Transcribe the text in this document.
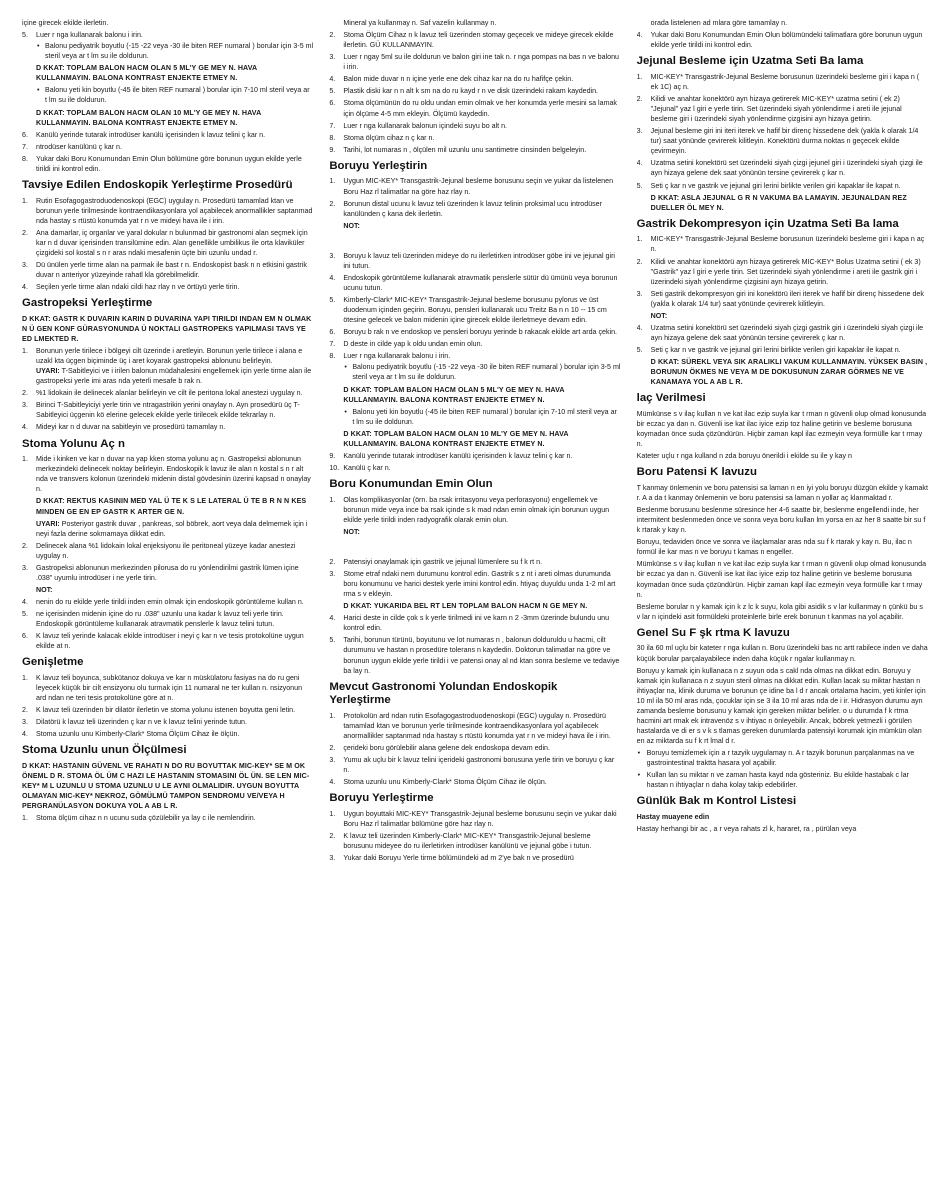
içine girecek ekilde ilerletin.

5. Luer r nga kullanarak balonu i irin.
• Balonu pediyatrik boyutlu (-15 -22 veya -30 ile biten REF numaral ) borular için 3-5 ml steril veya ar t lm su ile doldurun.
D KKAT: TOPLAM BALON HACM OLAN 5 ML'Y GE MEY N. HAVA KULLANMAYIN. BALONA KONTRAST ENJEKTE ETMEY N.
• Balonu yeti kin boyutlu (-45 ile biten REF numaral ) borular için 7-10 ml steril veya ar t lm su ile doldurun.
D KKAT: TOPLAM BALON HACM OLAN 10 ML'Y GE MEY N. HAVA KULLANMAYIN. BALONA KONTRAST ENJEKTE ETMEY N.
6. Kanülü yerinde tutarak introdüser kanülü içerisinden k lavuz telini ç kar n.
7. ntrodüser kanülünü ç kar n.
8. Yukar daki Boru Konumundan Emin Olun bölümüne göre borunun uygun ekilde yerle tirildi ini kontrol edin.
Tavsiye Edilen Endoskopik Yerleştirme Prosedürü
1. Rutin Esofagogastroduodenoskopi (EGC) uygulay n. Prosedürü tamamlad ktan ve borunun yerle tirilmesinde kontraendikasyonlara yol açabilecek anormallikler saptanmad nda hastay s rtüstü konumda yat r n ve mideyi hava ile i irin.
2. Ana damarlar, iç organlar ve yaral dokular n bulunmad bir gastronomi alan seçmek için kar n d duvar içerisinden transilümine edin. Alan genellikle umbilikus ile orta klaviküler çizgideki sol kostal s n r aras ndaki mesafenin üçte biri uzunlu undad r.
3. Dü ünülen yerle tirme alan na parmak ile bast r n. Endoskopist bask n n etkisini gastrik duvar n anteriyor yüzeyinde rahatl kla görebilmelidir.
4. Seçilen yerle tirme alan ndaki cildi haz rlay n ve örtüyü yerle tirin.
Gastropeksi Yerleştirme
D KKAT: GASTR K DUVARIN KARIN D DUVARINA YAPI TIRILDI INDAN EM N OLMAK N Ü GEN KONF GÜRASYONUNDA Ü NOKTALI GASTROPEKS YAPILMASI TAVS YE ED LMEKTED R.
1. Borunun yerle tirilece i bölgeyi cilt üzerinde i aretleyin. Borunun yerle tirilece i alana e uzakl kta üçgen biçiminde üç i aret koyarak gastropeksi ablonunu belirleyin.
UYARI: T-Sabitleyici ve i irilen balonun müdahalesini engellemek için yerle tirme alan ile gastropeksi yerle imi aras nda yeterli mesafe b rak n.
2. %1 lidokain ile delinecek alanlar belirleyin ve cilt ile peritona lokal anestezi uygulay n.
3. Birinci T-Sabitleyiciyi yerle tirin ve ntragastrikin yerini onaylay n. Ayn prosedürü üç T-Sabitleyici üçgenin kö elerine gelecek ekilde yerle tirilecek ekilde tekrarlay n.
4. Mideyi kar n d duvar na sabitleyin ve prosedürü tamamlay n.
Stoma Yolunu Aç n
1. Mide i kinken ve kar n duvar na yap kken stoma yolunu aç n. Gastropeksi ablonunun merkezindeki delinecek noktay belirleyin. Endoskopik k lavuz ile alan n kostal s n r alt nda ve transvers kolonun üzerindeki midenin distal gövdesinin üzerini kapsad n onaylay n.
D KKAT: REKTUS KASININ MED YAL Ü TE K S LE LATERAL Ü TE B R N N KES MINDEN GE EN EP GASTR K ARTER GE N.
UYARI: Posteriyor gastrik duvar , pankreas, sol böbrek, aort veya dala delmemek için i neyi fazla derine sokmamaya dikkat edin.
2. Delinecek alana %1 lidokain lokal enjeksiyonu ile peritoneal yüzeye kadar anestezi uygulay n.
3. Gastropeksi ablonunun merkezinden pilorusa do ru yönlendirilmi gastrik lümen içine .038" uyumlu introdüser i ne yerle tirin.
NOT:
4. nenin do ru ekilde yerle tirildi inden emin olmak için endoskopik görüntüleme kullan n.
5. ne içerisinden midenin içine do ru .038" uzunlu una kadar k lavuz teli yerle tirin. Endoskopik görüntüleme kullanarak atravmatik penslerle k lavuz telini tutun.
6. K lavuz teli yerinde kalacak ekilde introdüser i neyi ç kar n ve tesis protokolüne uygun ekilde at n.
Genişletme
1. K lavuz teli boyunca, subkütanoz dokuya ve kar n müskülatoru fasiyas na do ru geni leyecek küçük bir cilt ensizyonu olu turmak için 11 numaral ne ter kullan n. nsizyonun ard ndan ne teri tesis protokolüne göre at n.
2. K lavuz teli üzerinden bir dilatör ilerletin ve stoma yolunu istenen boyutta geni letin.
3. Dilatörü k lavuz teli üzerinden ç kar n ve k lavuz telini yerinde tutun.
4. Stoma uzunlu unu Kimberly-Clark* Stoma Ölçüm Cihaz ile ölçün.
Stoma Uzunlu unun Ölçülmesi
D KKAT: HASTANIN GÜVENL VE RAHATI N DO RU BOYUTTAK MIC-KEY* SE M OK ÖNEML D R. STOMA ÖL ÜM C HAZI LE HASTANIN STOMASINI ÖL ÜN. SE LEN MIC-KEY* M L UZUNLU U STOMA UZUNLU U LE AYNI OLMALIDIR. UYGUN BOYUTTA OLMAYAN MIC-KEY* NEKROZ, GÖMÜLMÜ TAMPON SENDROMU VE/VEYA H PERGRANÜLASYON DOKUYA YOL A AB L R.
1. Stoma ölçüm cihaz n n ucunu suda çözülebilir ya lay c ile nemlendirin.

Mineral ya kullanmay n. Saf vazelin kullanmay n.

2. Stoma Ölçüm Cihaz n k lavuz teli üzerinden stomay geçecek ve mideye girecek ekilde ilerletin. GÜ KULLANMAYIN.
3. Luer r ngay 5ml su ile doldurun ve balon giri ine tak n. r nga pompas na bas n ve balonu i irin.
4. Balon mide duvar n n içine yerle ene dek cihaz kar na do ru hafifçe çekin.
5. Plastik diski kar n n alt k sm na do ru kayd r n ve disk üzerindeki rakam kaydedin.
6. Stoma ölçümünün do ru oldu undan emin olmak ve her konumda yerle mesini sa lamak için ölçüme 4-5 mm ekleyin. Ölçümü kaydedin.
7. Luer r nga kullanarak balonun içindeki suyu bo alt n.
8. Stoma ölçüm cihaz n ç kar n.
9. Tarihi, lot numaras n , ölçülen mil uzunlu unu santimetre cinsinden belgeleyin.
Boruyu Yerleştirin
1. Uygun MIC-KEY* Transgastrik-Jejunal besleme borusunu seçin ve yukar da listelenen Boru Haz rl talimatlar na göre haz rlay n.
2. Borunun distal ucunu k lavuz teli üzerinden k lavuz telinin proksimal ucu introdüser kanülünden ç kana dek ilerletin.
NOT:
3. Boruyu k lavuz teli üzerinden mideye do ru ilerletirken introdüser göbe ini ve jejunal giri ini tutun.
4. Endoskopik görüntüleme kullanarak atravmatik penslerle sütür dü ümünü veya borunun ucunu tutun.
5. Kimberly-Clark* MIC-KEY* Transgastrik-Jejunal besleme borusunu pylorus ve üst duodenum içinden geçirin. Boruyu, pensleri kullanarak ucu Treitz Ba n n 10 -- 15 cm ötesine gelecek ve balon midenin içine girecek ekilde ilerletmeye devam edin.
6. Boruyu b rak n ve endoskop ve pensleri boruyu yerinde b rakacak ekilde art arda çekin.
7. D deste in cilde yap k oldu undan emin olun.
8. Luer r nga kullanarak balonu i irin.
• Balonu pediyatrik boyutlu (-15 -22 veya -30 ile biten REF numaral ) borular için 3-5 ml steril veya ar t lm su ile doldurun.
D KKAT: TOPLAM BALON HACM OLAN 5 ML'Y GE MEY N. HAVA KULLANMAYIN. BALONA KONTRAST ENJEKTE ETMEY N.
• Balonu yeti kin boyutlu (-45 ile biten REF numaral ) borular için 7-10 ml steril veya ar t lm su ile doldurun.
D KKAT: TOPLAM BALON HACM OLAN 10 ML'Y GE MEY N. HAVA KULLANMAYIN. BALONA KONTRAST ENJEKTE ETMEY N.
9. Kanülü yerinde tutarak introdüser kanülü içerisinden k lavuz telini ç kar n.
10. Kanülü ç kar n.
Boru Konumundan Emin Olun
1. Olas komplikasyonlar (örn. ba rsak irritasyonu veya perforasyonu) engellemek ve borunun mide veya ince ba rsak içinde s k mad ndan emin olmak için borunun uygun ekilde yerle tirildi inden radyografik olarak emin olun.
NOT:
2. Patensiyi onaylamak için gastrik ve jejunal lümenlere su f k rt n.
3. Stome etraf ndaki nem durumunu kontrol edin. Gastrik s z nt i areti olmas durumunda boru konumunu ve harici destek yerle imini kontrol edin. htiyaç duyuldu unda 1-2 ml art rma s v ekleyin.
D KKAT: YUKARIDA BEL RT LEN TOPLAM BALON HACM N GE MEY N.
4. Harici deste in cilde çok s k yerle tirilmedi ini ve karn n 2 -3mm üzerinde bulundu unu kontrol edin.
5. Tarihi, borunun türünü, boyutunu ve lot numaras n , balonun dolduruldu u hacmi, cilt durumunu ve hastan n prosedüre tolerans n kaydedin. Doktorun talimatlar na göre ve borunun uygun ekilde yerle tirildi i ve patensi onay al nd ktan sonra besleme ve tedaviye ba lay n.
Mevcut Gastronomi Yolundan Endoskopik Yerleştirme
1. Protokolün ard ndan rutin Esofagogastroduodenoskopi (EGC) uygulay n. Prosedürü tamamlad ktan ve borunun yerle tirilmesinde kontraendikasyonlara yol açabilecek anormallikler saptanmad nda hastay s rtüstü konumda yat r n ve mideyi hava ile i irin.
2. çerideki boru görülebilir alana gelene dek endoskopa devam edin.
3. Yumu ak uçlu bir k lavuz telini içerideki gastronomi borusuna yerle tirin ve boruyu ç kar n.
4. Stoma uzunlu unu Kimberly-Clark* Stoma Ölçüm Cihaz ile ölçün.
Boruyu Yerleştirme
1. Uygun boyuttaki MIC-KEY* Transgastrik-Jejunal besleme borusunu seçin ve yukar daki Boru Haz rl talimatlar bölümüne göre haz rlay n.
2. K lavuz teli üzerinden Kimberly-Clark* MIC-KEY* Transgastrik-Jejunal besleme borusunu mideyee do ru ilerletirken introdüser kanülünü ve jejunal göbe i tutun.
3. Yukar daki Boruyu Yerle tirme bölümündeki ad m 2'ye bak n ve prosedürü

orada listelenen ad mlara göre tamamlay n.

4. Yukar daki Boru Konumundan Emin Olun bölümündeki talimatlara göre borunun uygun ekilde yerle tirildi ini kontrol edin.
Jejunal Besleme için Uzatma Seti Ba lama
1. MIC-KEY* Transgastrik-Jejunal Besleme borusunun üzerindeki besleme giri i kapa n ( ek 1C) aç n.
2. Kilidi ve anahtar konektörü ayn hizaya getirerek MIC-KEY* uzatma setini ( ek 2) "Jejunal" yaz l giri e yerle tirin. Set üzerindeki siyah yönlendirme i areti ile jejunal besleme giri i üzerindeki siyah yönlendirme çizgisini ayn hizaya getirin.
3. Jejunal besleme giri ini iteri iterek ve hafif bir direnç hissedene dek (yakla k olarak 1/4 tur) saat yönünde çevirerek kilitleyin. Konektörü durma noktas n geçecek ekilde çevirmeyin.
4. Uzatma setini konektörü set üzerindeki siyah çizgi jejunel giri i üzerindeki siyah çizgi ile ayn hizaya gelene dek saat yönünün tersine çevirerek ç kar n.
5. Seti ç kar n ve gastrik ve jejunal giri lerini birlikte verilen giri kapaklar ile kapat n.
D KKAT: ASLA JEJUNAL G R N VAKUMA BA LAMAYIN. JEJUNALDAN REZ DUELLER ÖL MEY N.
Gastrik Dekompresyon için Uzatma Seti Ba lama
1. MIC-KEY* Transgastrik-Jejunal Besleme borusunun üzerindeki besleme giri i kapa n aç n.
2. Kilidi ve anahtar konektörü ayn hizaya getirerek MIC-KEY* Bolus Uzatma setini ( ek 3) "Gastrik" yaz l giri e yerle tirin. Set üzerindeki siyah yönlendirme i areti ile gastrik giri i üzerindeki siyah yönlendirme çizgisini ayn hizaya getirin.
3. Seti gastrik dekompresyon giri ini konektörü ileri iterek ve hafif bir direnç hissedene dek (yakla k olarak 1/4 tur) saat yönünde çevirerek kilitleyin.
NOT:
4. Uzatma setini konektörü set üzerindeki siyah çizgi gastrik giri i üzerindeki siyah çizgi ile ayn hizaya gelene dek saat yönünün tersine çevirerek ç kar n.
5. Seti ç kar n ve gastrik ve jejunal giri lerini birlikte verilen giri kapaklar ile kapat n.
D KKAT: SÜREKL VEYA SIK ARALIKLI VAKUM KULLANMAYIN. YÜKSEK BASIN , BORUNUN ÖKMES NE VEYA M DE DOKUSUNUN ZARAR GÖRMES NE VE KANAMAYA YOL A AB L R.
laç Verilmesi

Mümkünse s v ilaç kullan n ve kat ilac ezip suyla kar t rman n güvenli olup olmad konusunda bir eczac ya dan n. Güvenli ise kat ilac iyice ezip toz haline getirin ve besleme borusuna koymadan önce suda çözündürün. Hiçbir zaman kapl ilac ezmeyin veya formülle kar t rmay n.

Kateter uçlu r nga kulland n zda boruyu önerildi i ekilde su ile y kay n

Boru Patensi K lavuzu

T kanmay önlemenin ve boru patensisi sa laman n en iyi yolu boruyu düzgün ekilde y kamakt r. A a da t kanmay önlemenin ve boru patensisi sa laman n yollar aç klanmaktad r.

Beslenme borusunu beslenme süresince her 4-6 saatte bir, beslenme engellendi inde, her intermitent beslenmeden önce ve sonra veya boru kullan lm yorsa en az her 8 saatte bir su f k rtarak y kay n.

Boruyu, tedaviden önce ve sonra ve ilaçlamalar aras nda su f k rtarak y kay n. Bu, ilac n formül ile kar mas n ve boruyu t kamas n engeller.

Mümkünse s v ilaç kullan n ve kat ilac ezip suyla kar t rman n güvenli olup olmad konusunda bir eczac ya dan n. Güvenli ise kat ilac iyice ezip toz haline getirin ve besleme borusuna koymadan önce suda çözündürün. Hiçbir zaman kapl ilac ezmeyin veya formülle kar t rmay n.

Besleme borular n y kamak için k z lc k suyu, kola gibi asidik s v lar kullanmay n çünkü bu s v lar n içindeki asit formüldeki proteinlerle birle erek borunun t kanmas na yol açabilir.

Genel Su F şk rtma K lavuzu

30 ila 60 ml uçlu bir kateter r nga kullan n. Boru üzerindeki bas nc artt rabilece inden ve daha küçük borular parçalayabilece inden daha küçük r ngalar kullanmay n.

Boruyu y kamak için kullanaca n z suyun oda s cakl nda olmas na dikkat edin. Boruyu y kamak için kullanaca n z suyun steril olmas na dikkat edin. Kullan lacak su miktar hastan n ihtiyaçlar na, klinik duruma ve borunun çe idine ba l d r ancak ortalama hacim, yeti kinler için 10 ml ila 50 ml aras nda, çocuklar için se 3 ila 10 ml aras nda de i ir. Hidrasyon durumu ayn zamanda besleme borusunu y kamak için gereken miktar belirler. o u durumda f k rtma hacmini art rmak ek intravenöz s v ihtiyac n önleyebilir. Ancak, böbrek yetmezli i görülen hastalarda ve di er s v k s tlamas gereken durumlarda patensiyi korumak için mümkün olan en az miktarda su f k rt lmal d r.

• Boruyu temizlemek için a r tazyik uygulamay n. A r tazyik borunun parçalanmas na ve gastrointestinal traktta hasara yol açabilir.
• Kullan lan su miktar n ve zaman hasta kayd nda gösteriniz. Bu ekilde hastabak c lar hastan n ihtiyaçlar n daha kolay takip edebilirler.
Günlük Bak m Kontrol Listesi
Hastay muayene edin

Hastay herhangi bir ac , a r veya rahats zl k, hararet, ra , pürülan veya
